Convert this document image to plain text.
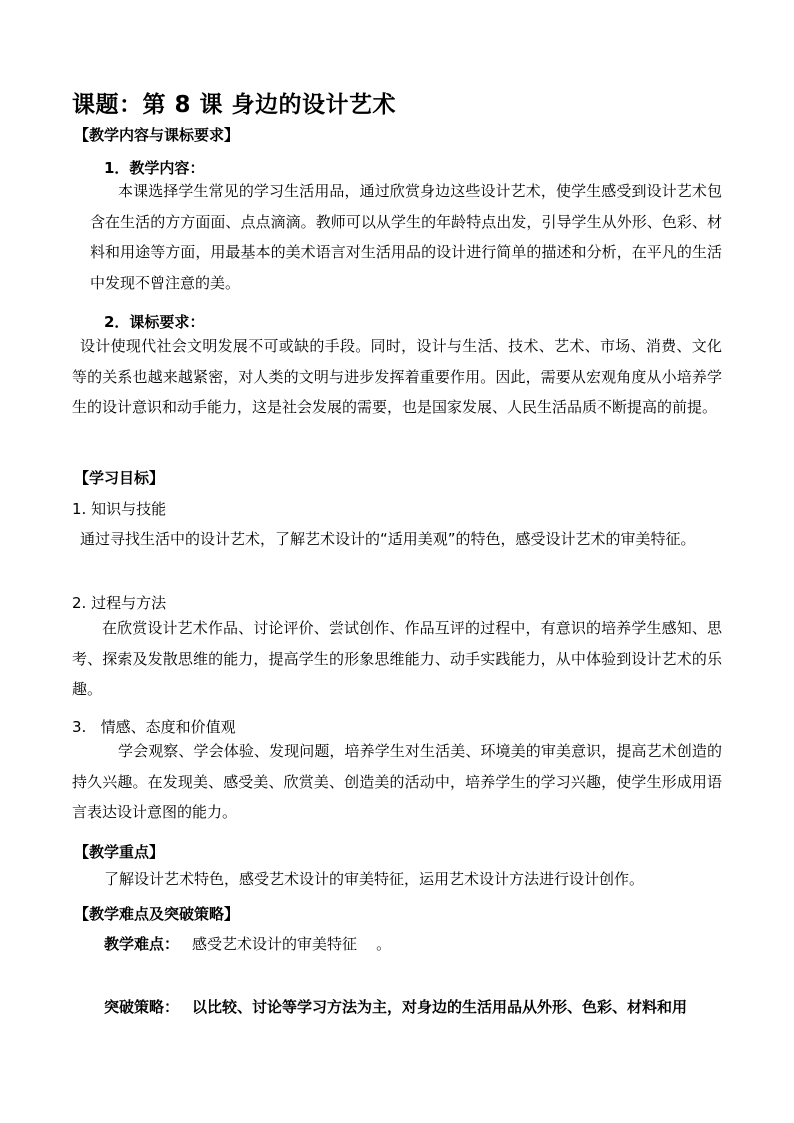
课题：第 8 课 身边的设计艺术
【教学内容与课标要求】
1．教学内容：
本课选择学生常见的学习生活用品，通过欣赏身边这些设计艺术，使学生感受到设计艺术包含在生活的方方面面、点点滴滴。教师可以从学生的年龄特点出发，引导学生从外形、色彩、材料和用途等方面，用最基本的美术语言对生活用品的设计进行简单的描述和分析，在平凡的生活中发现不曾注意的美。
2．课标要求：
设计使现代社会文明发展不可或缺的手段。同时，设计与生活、技术、艺术、市场、消费、文化等的关系也越来越紧密，对人类的文明与进步发挥着重要作用。因此，需要从宏观角度从小培养学生的设计意识和动手能力，这是社会发展的需要，也是国家发展、人民生活品质不断提高的前提。
【学习目标】
1. 知识与技能
通过寻找生活中的设计艺术，了解艺术设计的“适用美观”的特色，感受设计艺术的审美特征。
2. 过程与方法
在欣赏设计艺术作品、讨论评价、尝试创作、作品互评的过程中，有意识的培养学生感知、思考、探索及发散思维的能力，提高学生的形象思维能力、动手实践能力，从中体验到设计艺术的乐趣。
3.   情感、态度和价值观
学会观察、学会体验、发现问题，培养学生对生活美、环境美的审美意识，提高艺术创造的持久兴趣。在发现美、感受美、欣赏美、创造美的活动中，培养学生的学习兴趣，使学生形成用语言表达设计意图的能力。
【教学重点】
了解设计艺术特色，感受艺术设计的审美特征，运用艺术设计方法进行设计创作。
【教学难点及突破策略】
教学难点： 感受艺术设计的审美特征    。
突破策略： 以比较、讨论等学习方法为主，对身边的生活用品从外形、色彩、材料和用
